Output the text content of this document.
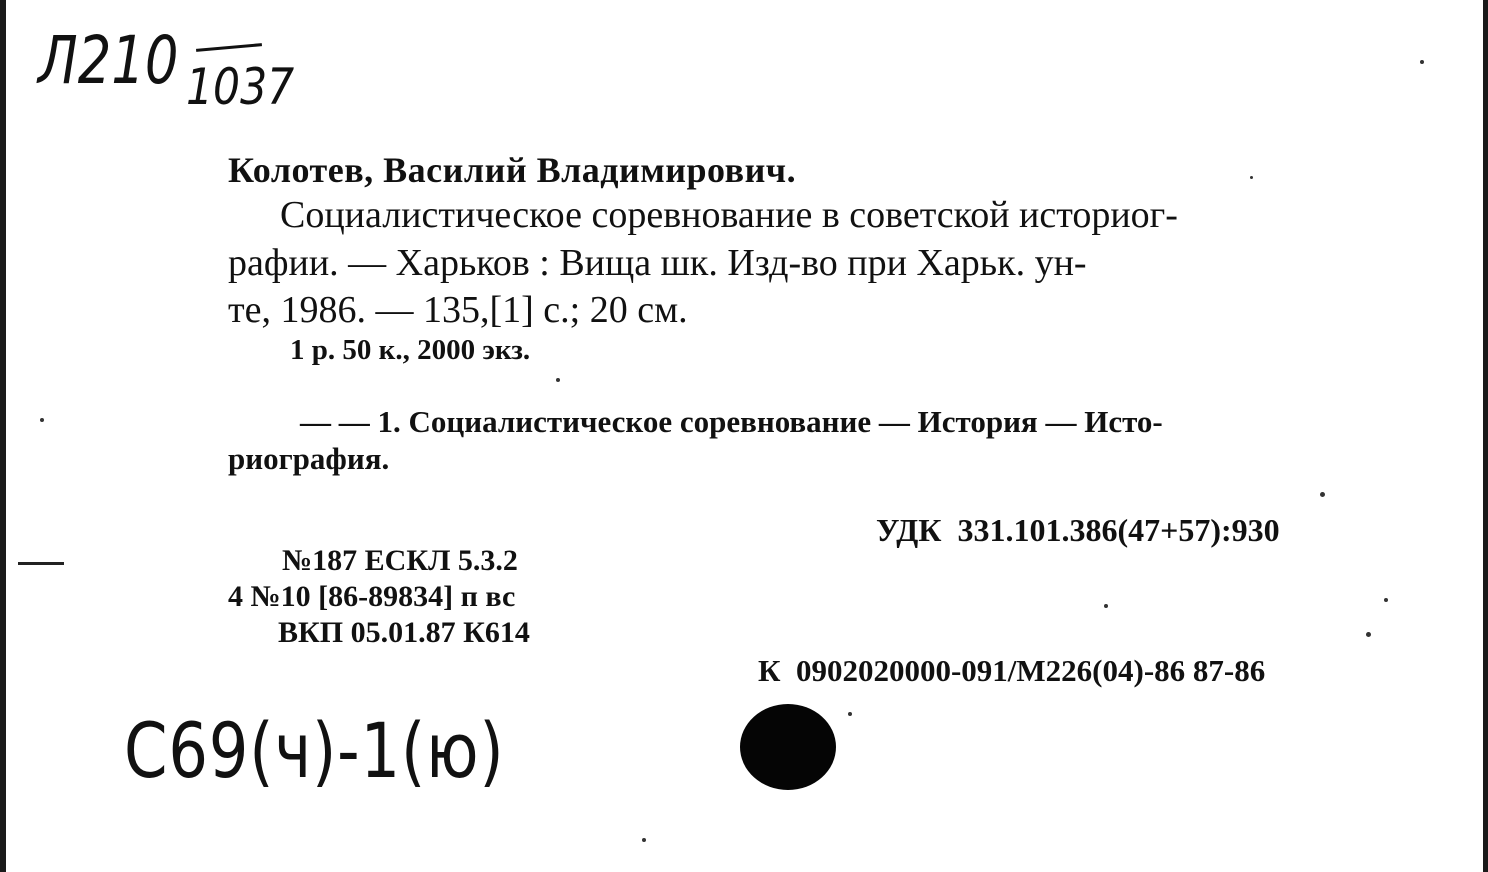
Л210 1037
Колотев, Василий Владимирович.
Социалистическое соревнование в советской историог-
рафии. — Харьков : Вища шк. Изд-во при Харьк. ун-
те, 1986. — 135,[1] с.; 20 см.
1 р. 50 к., 2000 экз.
— — 1. Социалистическое соревнование — История — Исто-
риография.
УДК  331.101.386(47+57):930
№187 ЕСКЛ 5.3.2
4 №10 [86-89834] п вс
ВКП 05.01.87 К614
К  0902020000-091/М226(04)-86 87-86
С69(ч)-1(ю)
